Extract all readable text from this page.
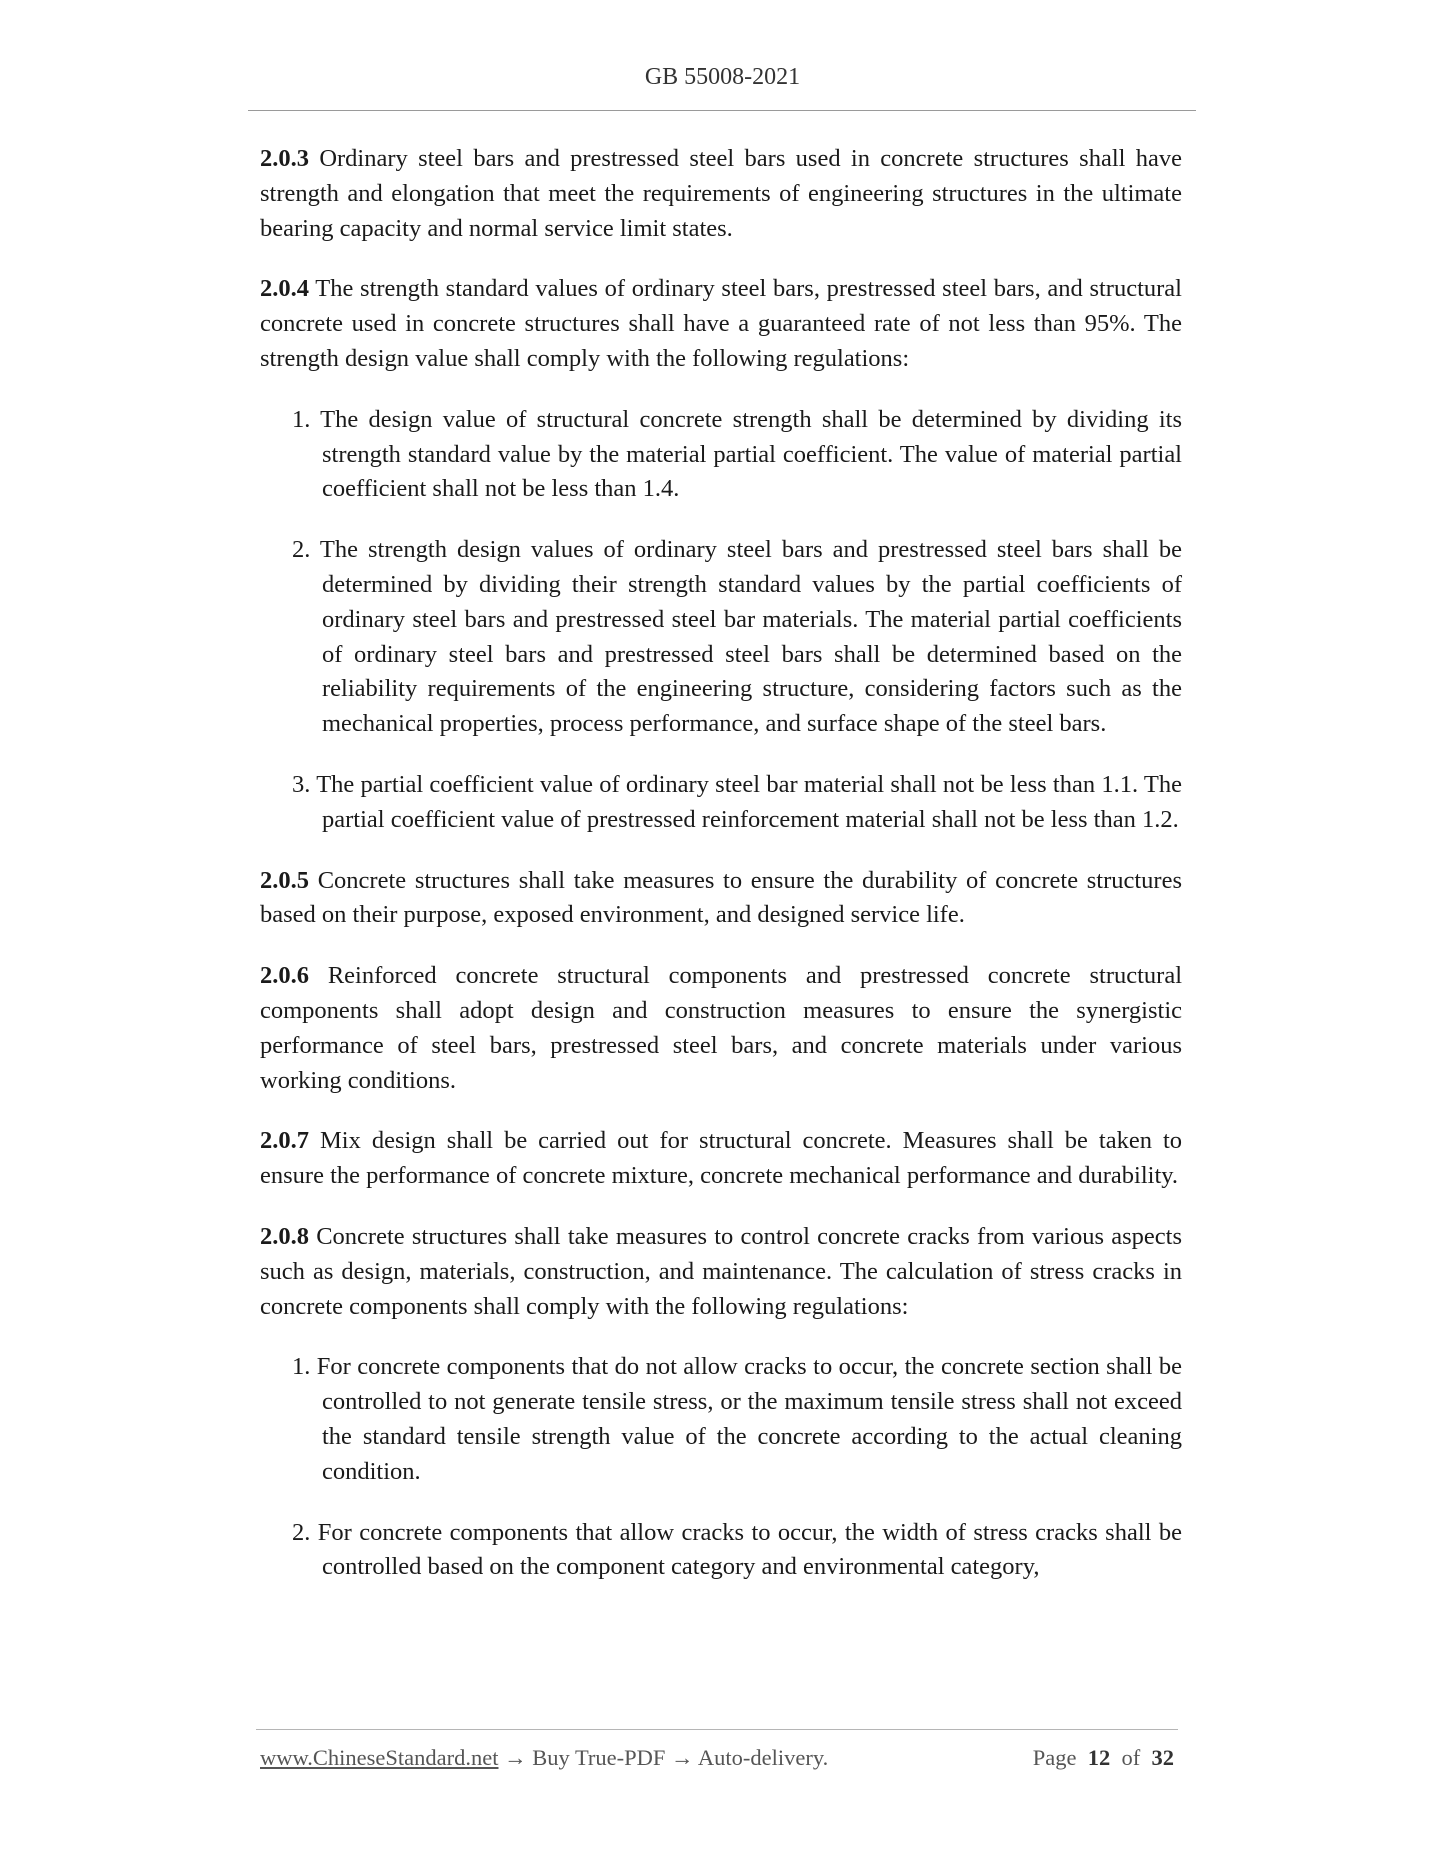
GB 55008-2021

2.0.3 Ordinary steel bars and prestressed steel bars used in concrete structures shall have strength and elongation that meet the requirements of engineering structures in the ultimate bearing capacity and normal service limit states.

2.0.4 The strength standard values of ordinary steel bars, prestressed steel bars, and structural concrete used in concrete structures shall have a guaranteed rate of not less than 95%. The strength design value shall comply with the following regulations:

1. The design value of structural concrete strength shall be determined by dividing its strength standard value by the material partial coefficient. The value of material partial coefficient shall not be less than 1.4.

2. The strength design values of ordinary steel bars and prestressed steel bars shall be determined by dividing their strength standard values by the partial coefficients of ordinary steel bars and prestressed steel bar materials. The material partial coefficients of ordinary steel bars and prestressed steel bars shall be determined based on the reliability requirements of the engineering structure, considering factors such as the mechanical properties, process performance, and surface shape of the steel bars.

3. The partial coefficient value of ordinary steel bar material shall not be less than 1.1. The partial coefficient value of prestressed reinforcement material shall not be less than 1.2.

2.0.5 Concrete structures shall take measures to ensure the durability of concrete structures based on their purpose, exposed environment, and designed service life.

2.0.6 Reinforced concrete structural components and prestressed concrete structural components shall adopt design and construction measures to ensure the synergistic performance of steel bars, prestressed steel bars, and concrete materials under various working conditions.

2.0.7 Mix design shall be carried out for structural concrete. Measures shall be taken to ensure the performance of concrete mixture, concrete mechanical performance and durability.

2.0.8 Concrete structures shall take measures to control concrete cracks from various aspects such as design, materials, construction, and maintenance. The calculation of stress cracks in concrete components shall comply with the following regulations:

1. For concrete components that do not allow cracks to occur, the concrete section shall be controlled to not generate tensile stress, or the maximum tensile stress shall not exceed the standard tensile strength value of the concrete according to the actual cleaning condition.

2. For concrete components that allow cracks to occur, the width of stress cracks shall be controlled based on the component category and environmental category,

www.ChineseStandard.net → Buy True-PDF → Auto-delivery.	Page 12 of 32
